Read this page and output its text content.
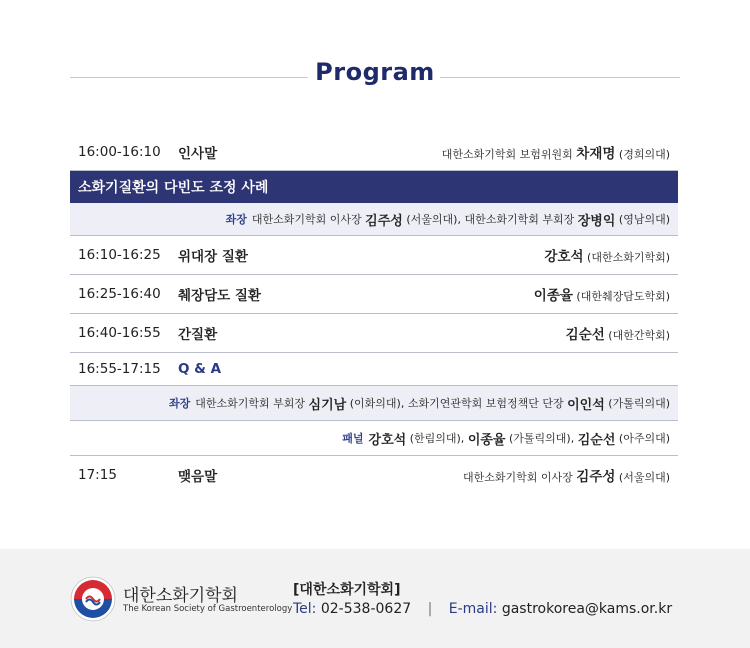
Program
16:00-16:10	인사말	대한소화기학회 보험위원회 차재명 (경희의대)
소화기질환의 다빈도 조정 사례
좌장 대한소화기학회 이사장
김주성
(서울의대),
대한소화기학회 부회장
장병익
(영남의대)
16:10-16:25	위대장 질환	강호석 (대한소화기학회)
16:25-16:40	췌장담도 질환	이종율 (대한췌장담도학회)
16:40-16:55	간질환	김순선 (대한간학회)
16:55-17:15	Q & A
좌장 대한소화기학회 부회장
심기남
(이화의대),
소화기연관학회 보험정책단 단장
이인석
(가톨릭의대)
패널 강호석
(한림의대),
이종율
(가톨릭의대),
김순선
(아주의대)
17:15	맺음말	대한소화기학회 이사장 김주성 (서울의대)
대한소화기학회
The Korean Society of Gastroenterology
[대한소화기학회]
Tel: 02-538-0627 | E-mail: gastrokorea@kams.or.kr
